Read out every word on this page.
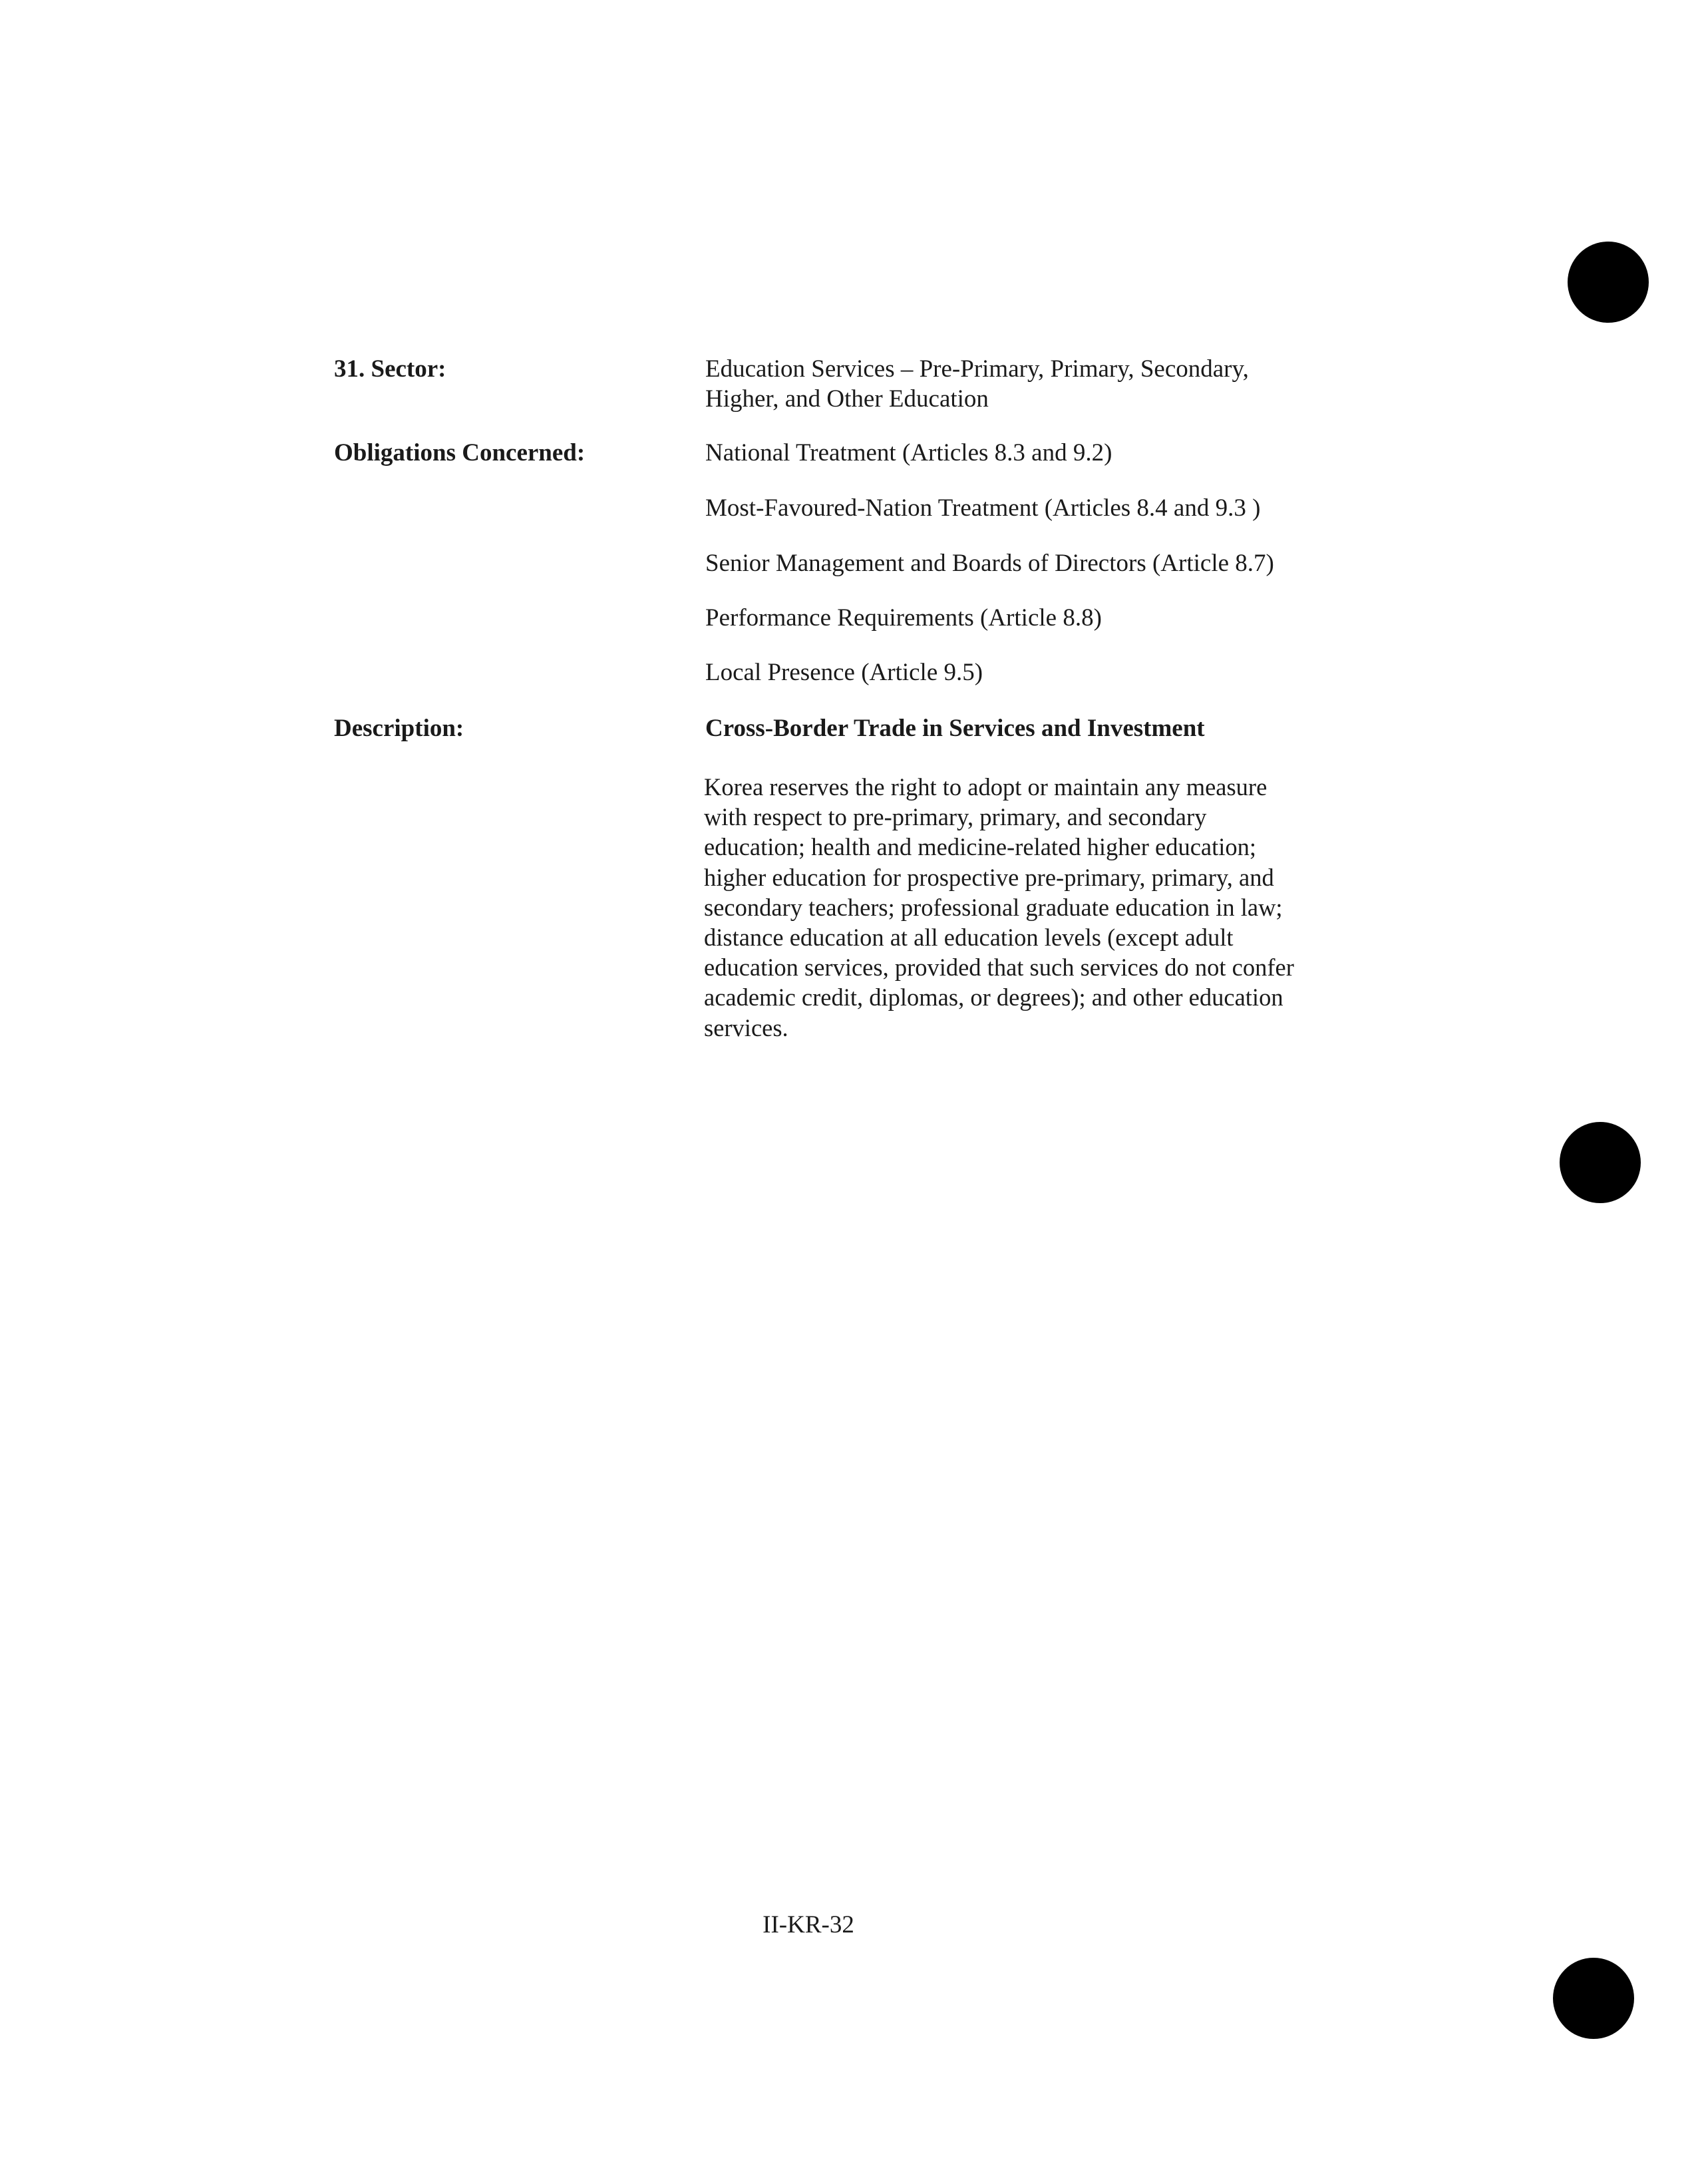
31. Sector:	Education Services – Pre-Primary, Primary, Secondary,
Higher, and Other Education
Obligations Concerned:	National Treatment (Articles 8.3 and 9.2)
Most-Favoured-Nation Treatment (Articles 8.4 and 9.3 )
Senior Management and Boards of Directors (Article 8.7)
Performance Requirements (Article 8.8)
Local Presence (Article 9.5)
Description:	Cross-Border Trade in Services and Investment
Korea reserves the right to adopt or maintain any measure
with respect to pre-primary, primary, and secondary
education; health and medicine-related higher education;
higher education for prospective pre-primary, primary, and
secondary teachers; professional graduate education in law;
distance education at all education levels (except adult
education services, provided that such services do not confer
academic credit, diplomas, or degrees); and other education
services.
II-KR-32
